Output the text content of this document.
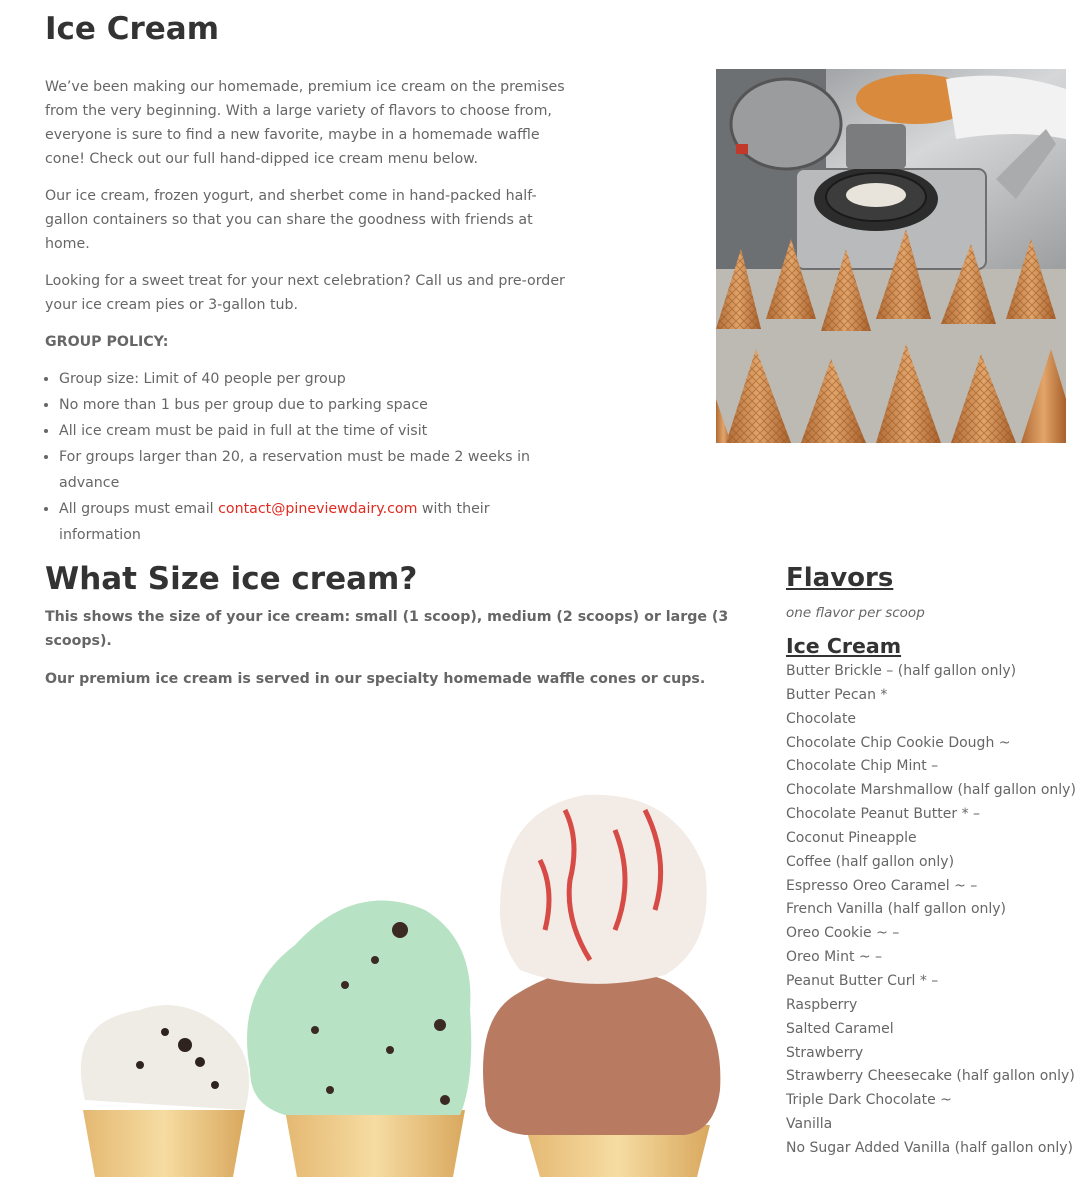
Ice Cream

We’ve been making our homemade, premium ice cream on the premises from the very beginning. With a large variety of flavors to choose from, everyone is sure to find a new favorite, maybe in a homemade waffle cone! Check out our full hand-dipped ice cream menu below.

Our ice cream, frozen yogurt, and sherbet come in hand-packed half-gallon containers so that you can share the goodness with friends at home.

Looking for a sweet treat for your next celebration? Call us and pre-order your ice cream pies or 3-gallon tub.

GROUP POLICY:

• Group size: Limit of 40 people per group
• No more than 1 bus per group due to parking space
• All ice cream must be paid in full at the time of visit
• For groups larger than 20, a reservation must be made 2 weeks in advance
• All groups must email contact@pineviewdairy.com with their information
What Size ice cream?

This shows the size of your ice cream: small (1 scoop), medium (2 scoops) or large (3 scoops).

Our premium ice cream is served in our specialty homemade waffle cones or cups.

Flavors

one flavor per scoop

Ice Cream
Butter Brickle – (half gallon only)
Butter Pecan *
Chocolate
Chocolate Chip Cookie Dough ~
Chocolate Chip Mint –
Chocolate Marshmallow (half gallon only)
Chocolate Peanut Butter * –
Coconut Pineapple
Coffee (half gallon only)
Espresso Oreo Caramel ~ –
French Vanilla (half gallon only)
Oreo Cookie ~ –
Oreo Mint ~ –
Peanut Butter Curl * –
Raspberry
Salted Caramel
Strawberry
Strawberry Cheesecake (half gallon only)
Triple Dark Chocolate ~
Vanilla
No Sugar Added Vanilla (half gallon only)
